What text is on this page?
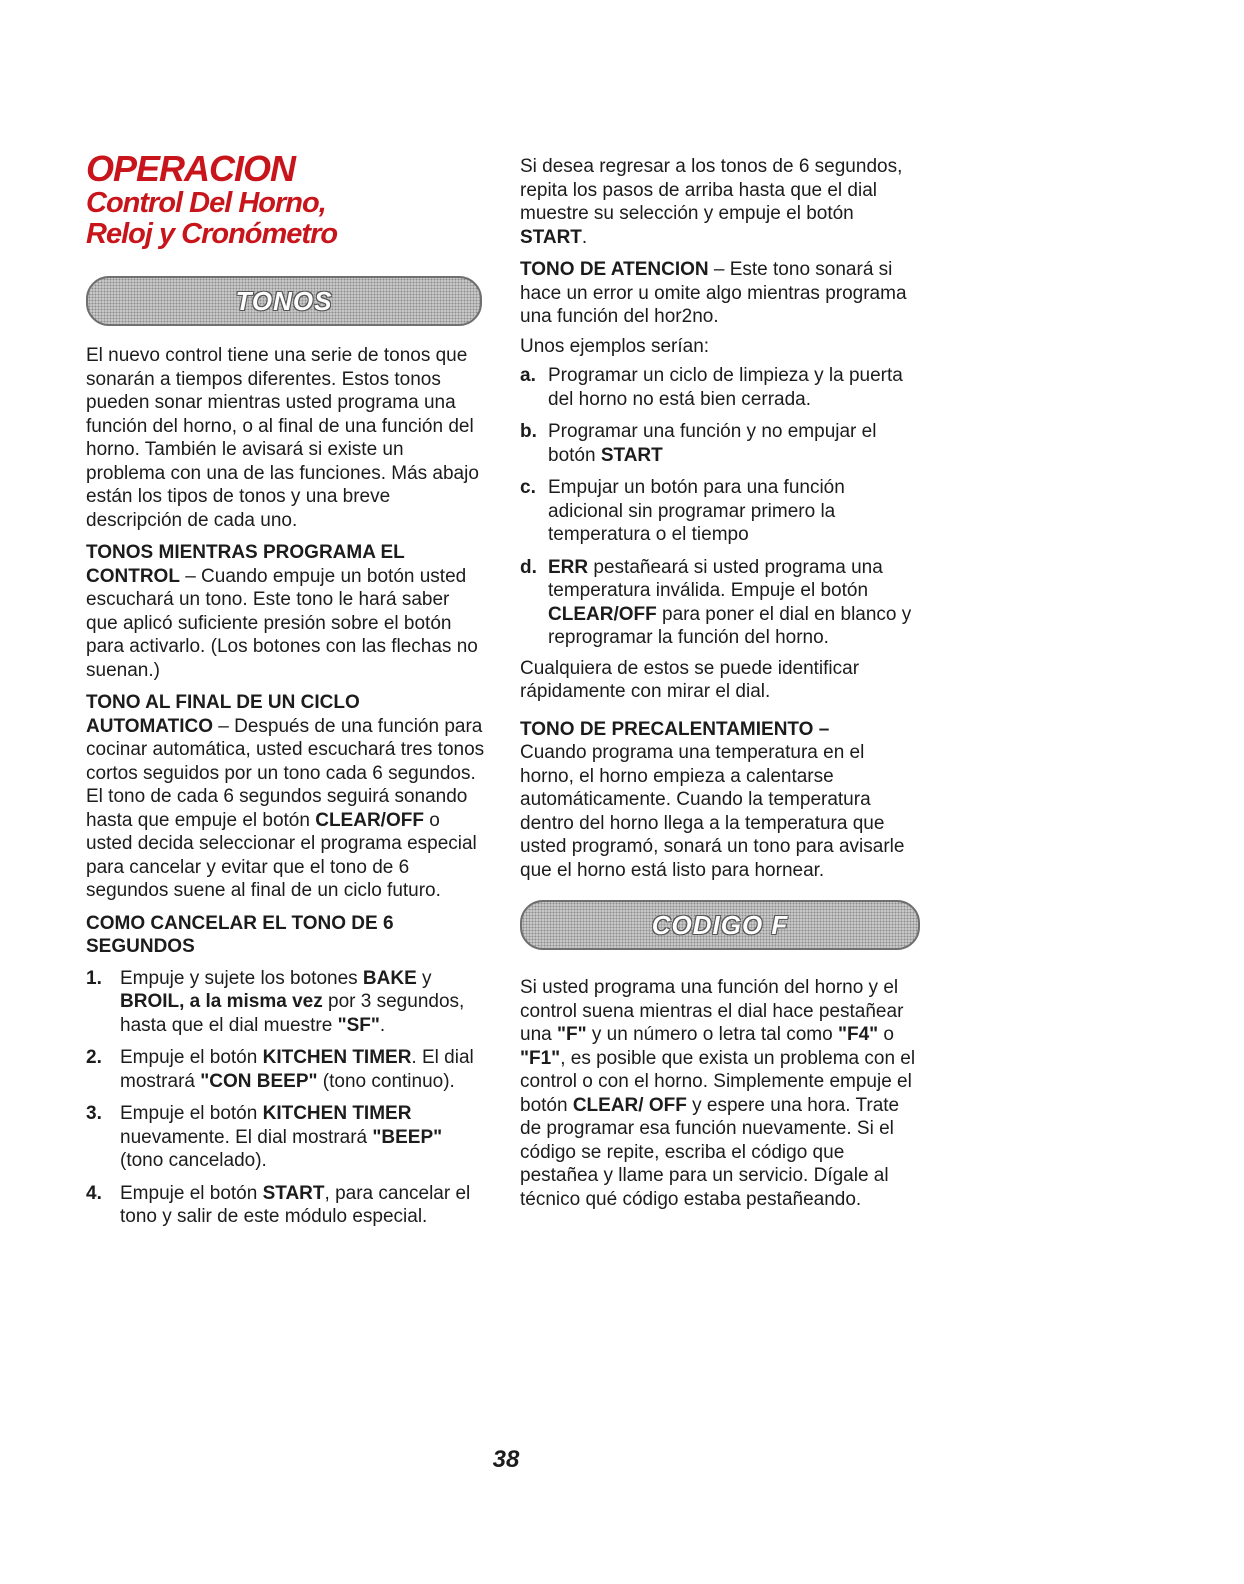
OPERACION
Control Del Horno,
Reloj y Cronómetro
TONOS

El nuevo control tiene una serie de tonos que sonarán a tiempos diferentes. Estos tonos pueden sonar mientras usted programa una función del horno, o al final de una función del horno. También le avisará si existe un problema con una de las funciones. Más abajo están los tipos de tonos y una breve descripción de cada uno.

TONOS MIENTRAS PROGRAMA EL CONTROL – Cuando empuje un botón usted escuchará un tono. Este tono le hará saber que aplicó suficiente presión sobre el botón para activarlo. (Los botones con las flechas no suenan.)

TONO AL FINAL DE UN CICLO AUTOMATICO – Después de una función para cocinar automática, usted escuchará tres tonos cortos seguidos por un tono cada 6 segundos. El tono de cada 6 segundos seguirá sonando hasta que empuje el botón CLEAR/OFF o usted decida seleccionar el programa especial para cancelar y evitar que el tono de 6 segundos suene al final de un ciclo futuro.

COMO CANCELAR EL TONO DE 6 SEGUNDOS

1. Empuje y sujete los botones BAKE y BROIL, a la misma vez por 3 segundos, hasta que el dial muestre "SF".
2. Empuje el botón KITCHEN TIMER. El dial mostrará "CON BEEP" (tono continuo).
3. Empuje el botón KITCHEN TIMER nuevamente. El dial mostrará "BEEP" (tono cancelado).
4. Empuje el botón START, para cancelar el tono y salir de este módulo especial.

Si desea regresar a los tonos de 6 segundos, repita los pasos de arriba hasta que el dial muestre su selección y empuje el botón START.

TONO DE ATENCION – Este tono sonará si hace un error u omite algo mientras programa una función del hor2no.

Unos ejemplos serían:

a. Programar un ciclo de limpieza y la puerta del horno no está bien cerrada.
b. Programar una función y no empujar el botón START
c. Empujar un botón para una función adicional sin programar primero la temperatura o el tiempo
d. ERR pestañeará si usted programa una temperatura inválida. Empuje el botón CLEAR/OFF para poner el dial en blanco y reprogramar la función del horno.

Cualquiera de estos se puede identificar rápidamente con mirar el dial.

TONO DE PRECALENTAMIENTO –

Cuando programa una temperatura en el horno, el horno empieza a calentarse automáticamente. Cuando la temperatura dentro del horno llega a la temperatura que usted programó, sonará un tono para avisarle que el horno está listo para hornear.

CODIGO F

Si usted programa una función del horno y el control suena mientras el dial hace pestañear una "F" y un número o letra tal como "F4" o "F1", es posible que exista un problema con el control o con el horno. Simplemente empuje el botón CLEAR/ OFF y espere una hora. Trate de programar esa función nuevamente. Si el código se repite, escriba el código que pestañea y llame para un servicio. Dígale al técnico qué código estaba pestañeando.

38
